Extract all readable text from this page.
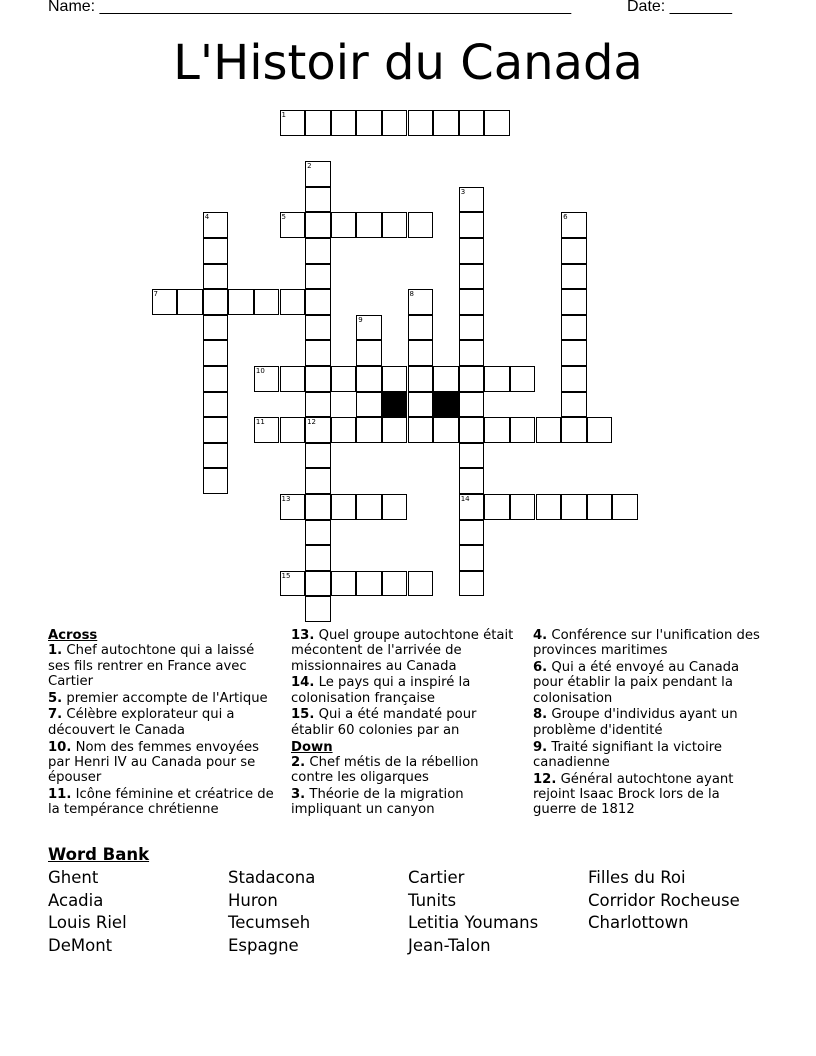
Name: _____________________________________________________	Date: _______
L'Histoir du Canada
1
2
12
3
14
4	5	6
7	8
9
10
11
13
15
Across
1. Chef autochtone qui a laissé ses fils rentrer en France avec Cartier
5. premier accompte de l'Artique
7. Célèbre explorateur qui a découvert le Canada
10. Nom des femmes envoyées par Henri IV au Canada pour se épouser
11. Icône féminine et créatrice de la tempérance chrétienne
13. Quel groupe autochtone était mécontent de l'arrivée de missionnaires au Canada
14. Le pays qui a inspiré la colonisation française
15. Qui a été mandaté pour établir 60 colonies par an
Down
2. Chef métis de la rébellion contre les oligarques
3. Théorie de la migration impliquant un canyon
4. Conférence sur l'unification des provinces maritimes
6. Qui a été envoyé au Canada pour établir la paix pendant la colonisation
8. Groupe d'individus ayant un problème d'identité
9. Traité signifiant la victoire canadienne
12. Général autochtone ayant rejoint Isaac Brock lors de la guerre de 1812
Word Bank
Ghent
Acadia
Louis Riel
DeMont
Stadacona
Huron
Tecumseh
Espagne
Cartier
Tunits
Letitia Youmans
Jean-Talon
Filles du Roi
Corridor Rocheuse
Charlottown
